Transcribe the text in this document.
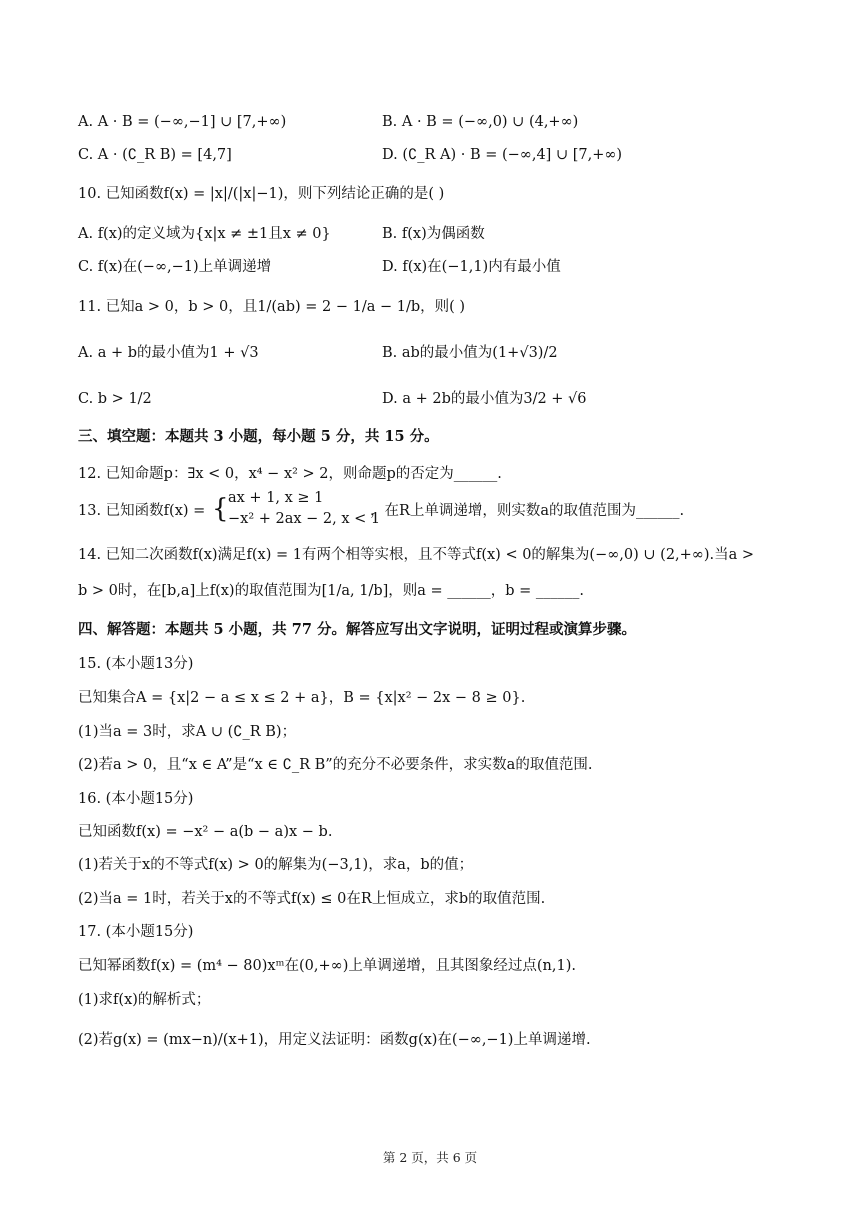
A. A · B = (−∞,−1] ∪ [7,+∞)	B. A · B = (−∞,0) ∪ (4,+∞)
C. A · (∁_R B) = [4,7]	D. (∁_R A) · B = (−∞,4] ∪ [7,+∞)
10. 已知函数f(x) = |x|/(|x|−1)，则下列结论正确的是( )
A. f(x)的定义域为{x|x ≠ ±1且x ≠ 0}	B. f(x)为偶函数
C. f(x)在(−∞,−1)上单调递增	D. f(x)在(−1,1)内有最小值
11. 已知a > 0，b > 0，且1/(ab) = 2 − 1/a − 1/b，则( )
A. a + b的最小值为1 + √3	B. ab的最小值为(1+√3)/2
C. b > 1/2	D. a + 2b的最小值为3/2 + √6
三、填空题：本题共 3 小题，每小题 5 分，共 15 分。
12. 已知命题p：∃x < 0，x⁴ − x² > 2，则命题p的否定为______.
13. 已知函数f(x) = { ax + 1, x ≥ 1
−x² + 2ax − 2, x < 1
，在R上单调递增，则实数a的取值范围为______.
14. 已知二次函数f(x)满足f(x) = 1有两个相等实根，且不等式f(x) < 0的解集为(−∞,0) ∪ (2,+∞).当a >
b > 0时，在[b,a]上f(x)的取值范围为[1/a, 1/b]，则a = ______，b = ______.
四、解答题：本题共 5 小题，共 77 分。解答应写出文字说明，证明过程或演算步骤。
15. (本小题13分)
已知集合A = {x|2 − a ≤ x ≤ 2 + a}，B = {x|x² − 2x − 8 ≥ 0}.
(1)当a = 3时，求A ∪ (∁_R B)；
(2)若a > 0，且“x ∈ A”是“x ∈ ∁_R B”的充分不必要条件，求实数a的取值范围.
16. (本小题15分)
已知函数f(x) = −x² − a(b − a)x − b.
(1)若关于x的不等式f(x) > 0的解集为(−3,1)，求a，b的值；
(2)当a = 1时，若关于x的不等式f(x) ≤ 0在R上恒成立，求b的取值范围.
17. (本小题15分)
已知幂函数f(x) = (m⁴ − 80)xᵐ在(0,+∞)上单调递增，且其图象经过点(n,1).
(1)求f(x)的解析式；
(2)若g(x) = (mx−n)/(x+1)，用定义法证明：函数g(x)在(−∞,−1)上单调递增.
第 2 页，共 6 页
